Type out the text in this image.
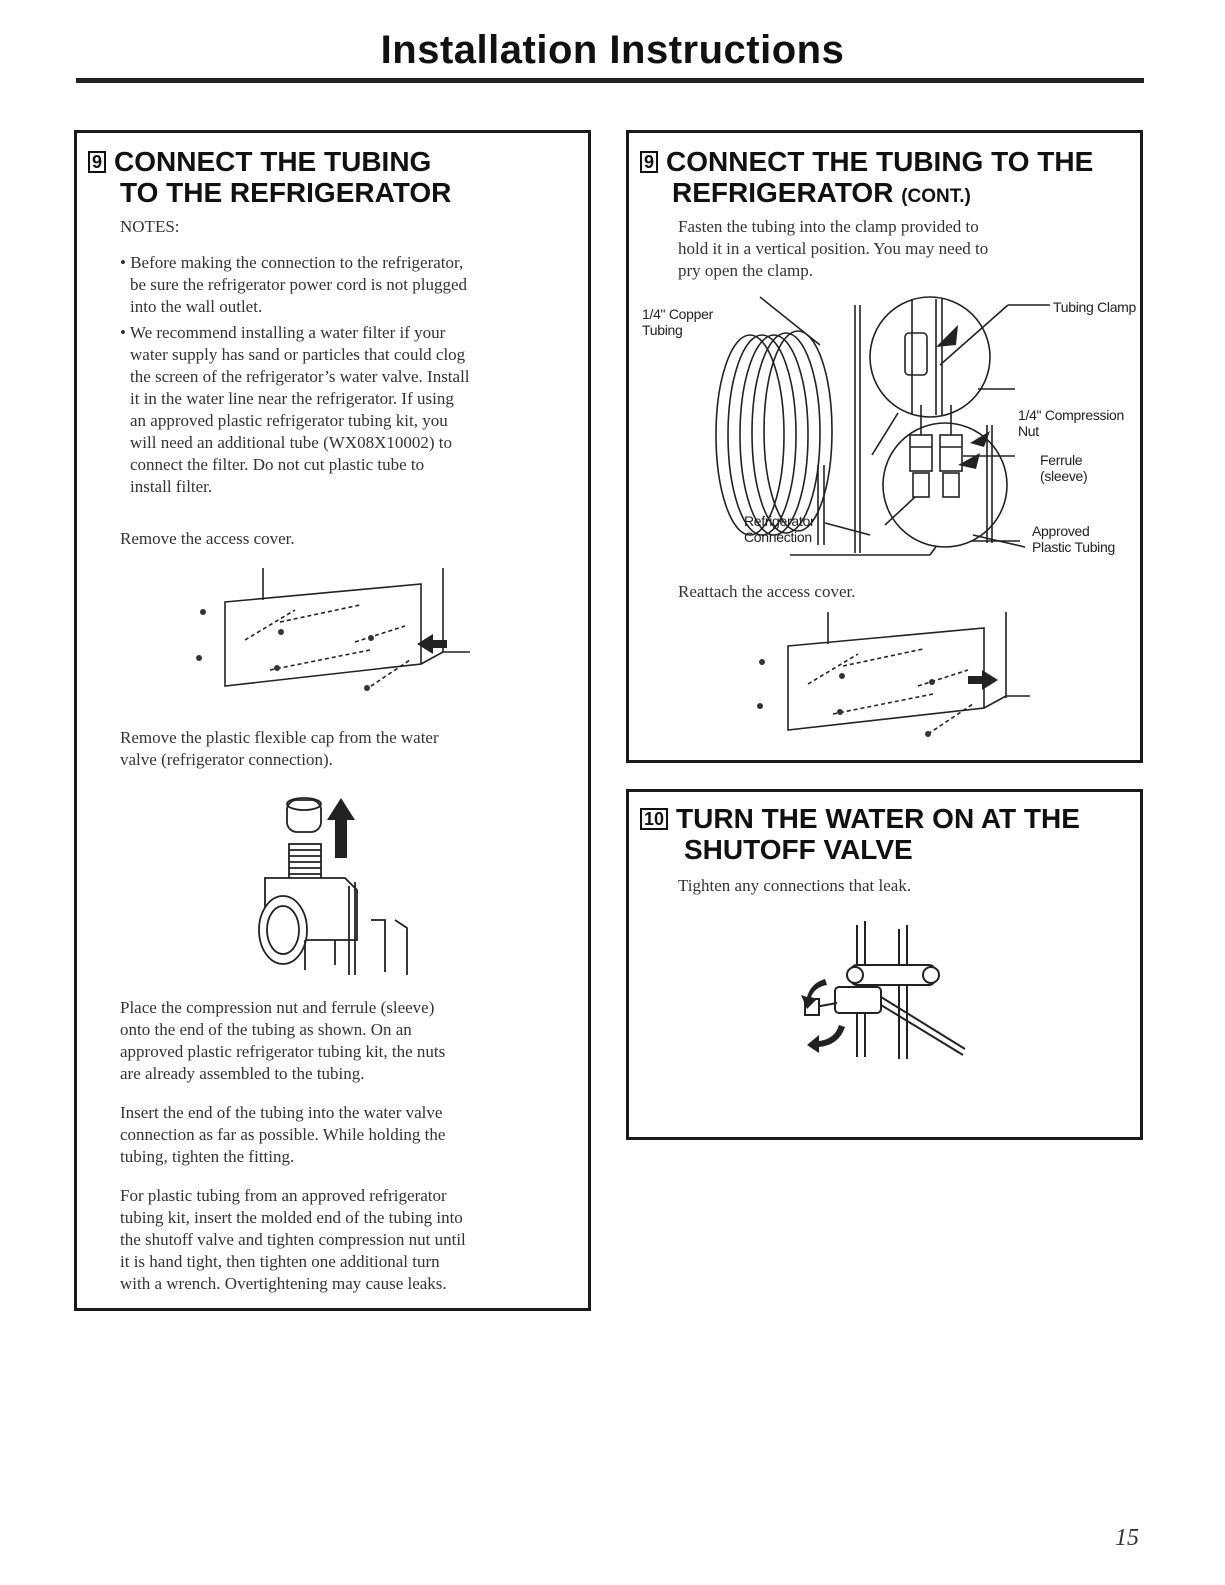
Installation Instructions
9 CONNECT THE TUBING
TO THE REFRIGERATOR
NOTES:
• Before making the connection to the refrigerator,
be sure the refrigerator power cord is not plugged
into the wall outlet.
• We recommend installing a water filter if your
water supply has sand or particles that could clog
the screen of the refrigerator’s water valve. Install
it in the water line near the refrigerator. If using
an approved plastic refrigerator tubing kit, you
will need an additional tube (WX08X10002) to
connect the filter. Do not cut plastic tube to
install filter.
Remove the access cover.
Remove the plastic flexible cap from the water
valve (refrigerator connection).
Place the compression nut and ferrule (sleeve)
onto the end of the tubing as shown. On an
approved plastic refrigerator tubing kit, the nuts
are already assembled to the tubing.
Insert the end of the tubing into the water valve
connection as far as possible. While holding the
tubing, tighten the fitting.
For plastic tubing from an approved refrigerator
tubing kit, insert the molded end of the tubing into
the shutoff valve and tighten compression nut until
it is hand tight, then tighten one additional turn
with a wrench. Overtightening may cause leaks.
9 CONNECT THE TUBING TO THE
REFRIGERATOR (CONT.)
Fasten the tubing into the clamp provided to
hold it in a vertical position. You may need to
pry open the clamp.
1/4" Copper
Tubing
Tubing Clamp
1/4" Compression
Nut
Ferrule
(sleeve)
Refrigerator
Connection	Approved
Plastic Tubing
Reattach the access cover.
10 TURN THE WATER ON AT THE
SHUTOFF VALVE
Tighten any connections that leak.
15
